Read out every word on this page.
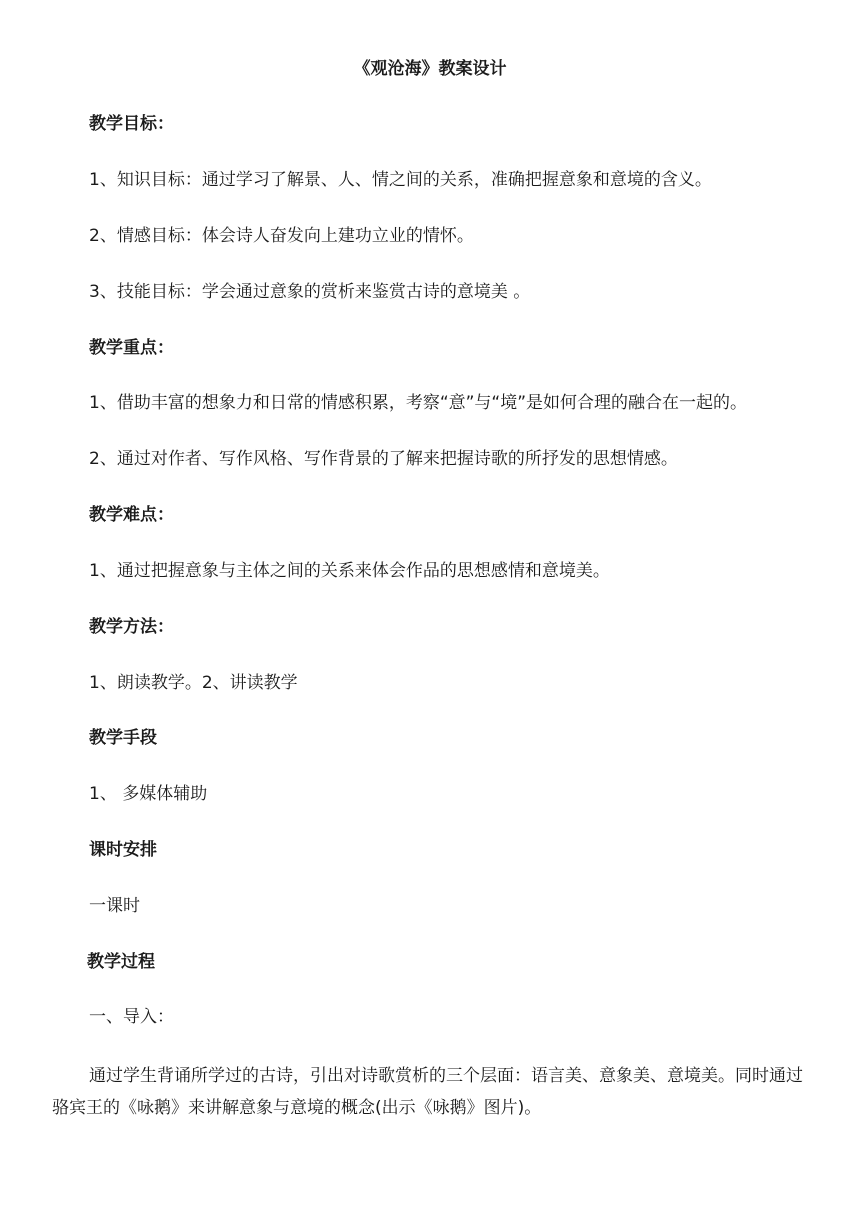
《观沧海》教案设计
教学目标：
1、知识目标：通过学习了解景、人、情之间的关系，准确把握意象和意境的含义。
2、情感目标：体会诗人奋发向上建功立业的情怀。
3、技能目标：学会通过意象的赏析来鉴赏古诗的意境美 。
教学重点：
1、借助丰富的想象力和日常的情感积累，考察“意”与“境”是如何合理的融合在一起的。
2、通过对作者、写作风格、写作背景的了解来把握诗歌的所抒发的思想情感。
教学难点：
1、通过把握意象与主体之间的关系来体会作品的思想感情和意境美。
教学方法：
1、朗读教学。2、讲读教学
教学手段
1、 多媒体辅助
课时安排
一课时
教学过程
一、导入：
通过学生背诵所学过的古诗，引出对诗歌赏析的三个层面：语言美、意象美、意境美。同时通过骆宾王的《咏鹅》来讲解意象与意境的概念(出示《咏鹅》图片)。
